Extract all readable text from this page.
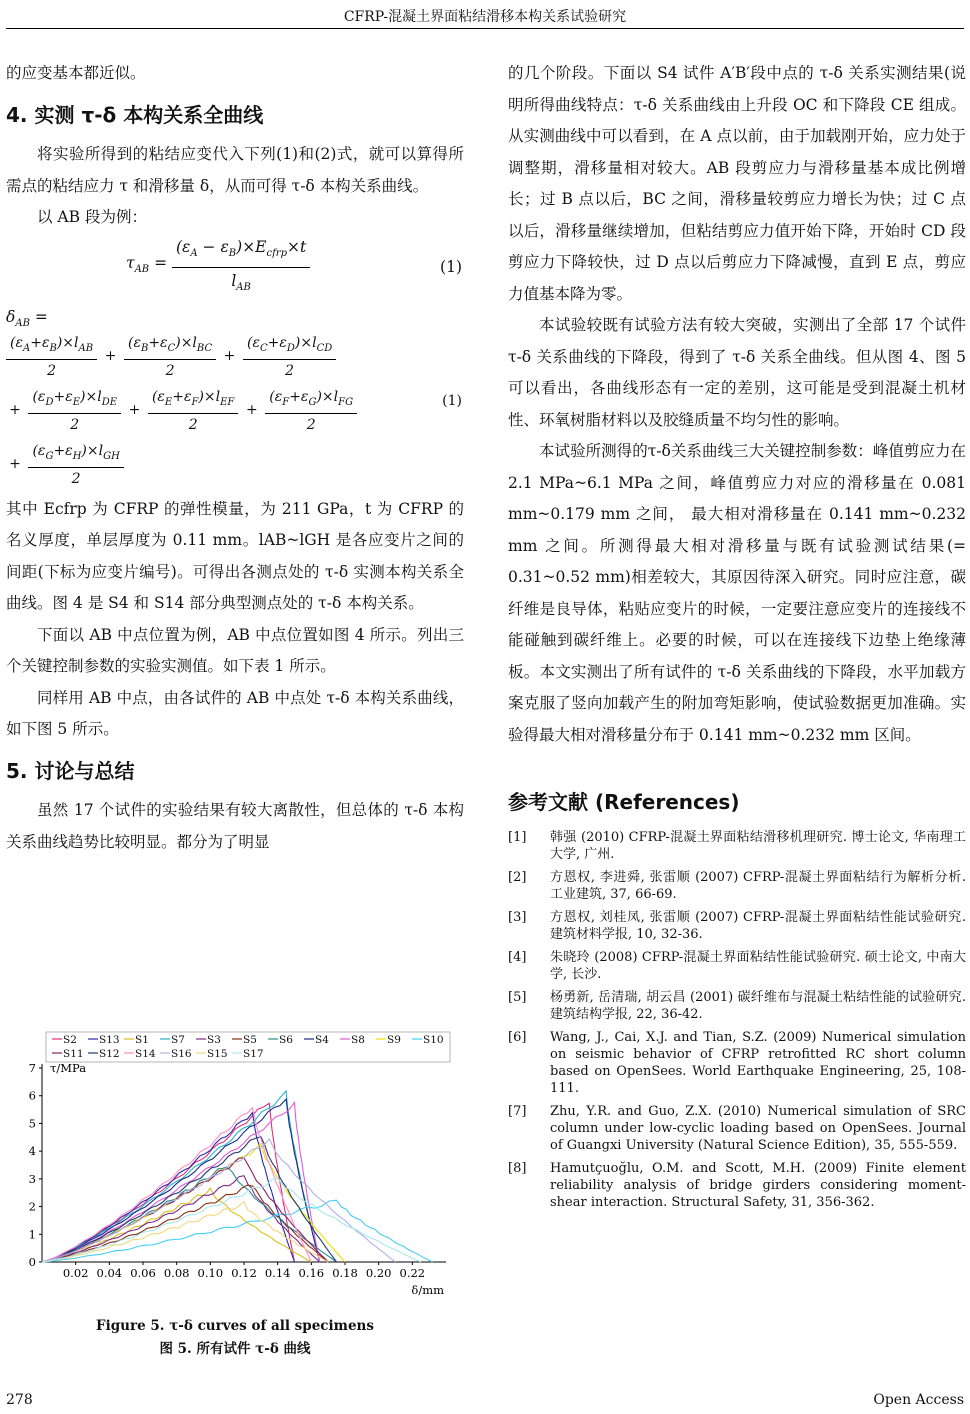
CFRP-混凝土界面粘结滑移本构关系试验研究

的应变基本都近似。

4. 实测 τ-δ 本构关系全曲线

将实验所得到的粘结应变代入下列(1)和(2)式，就可以算得所需点的粘结应力 τ 和滑移量 δ，从而可得 τ-δ 本构关系曲线。

以 AB 段为例：

$\tau_{AB} = \frac{(\varepsilon_A - \varepsilon_B)\times E_{cfrp}\times t}{l_{AB}}$	(1)
$\delta_{AB}$ =
$\frac{(\varepsilon_A+\varepsilon_B)\times l_{AB}}{2} + \frac{(\varepsilon_B+\varepsilon_C)\times l_{BC}}{2} + \frac{(\varepsilon_C+\varepsilon_D)\times l_{CD}}{2}$
+ $\frac{(\varepsilon_D+\varepsilon_E)\times l_{DE}}{2} + \frac{(\varepsilon_E+\varepsilon_F)\times l_{EF}}{2} + \frac{(\varepsilon_F+\varepsilon_G)\times l_{FG}}{2}$	(1)
+ $\frac{(\varepsilon_G+\varepsilon_H)\times l_{GH}}{2}$

其中 Ecfrp 为 CFRP 的弹性模量，为 211 GPa，t 为 CFRP 的名义厚度，单层厚度为 0.11 mm。lAB~lGH 是各应变片之间的间距(下标为应变片编号)。可得出各测点处的 τ-δ 实测本构关系全曲线。图 4 是 S4 和 S14 部分典型测点处的 τ-δ 本构关系。

下面以 AB 中点位置为例，AB 中点位置如图 4 所示。列出三个关键控制参数的实验实测值。如下表 1 所示。

同样用 AB 中点，由各试件的 AB 中点处 τ-δ 本构关系曲线，如下图 5 所示。

5. 讨论与总结

虽然 17 个试件的实验结果有较大离散性，但总体的 τ-δ 本构关系曲线趋势比较明显。都分为了明显

S2 S13 S1 S7 S3 S5 S6 S4 S8 S9 S10
S11 S12 S14 S16 S15 S17
0
1
2
3
4
5
6
7
0.02 0.04 0.06 0.08 0.10 0.12 0.14 0.16 0.18 0.20 0.22
τ/MPa
δ/mm
Figure 5. τ-δ curves of all specimens
图 5. 所有试件 τ-δ 曲线

的几个阶段。下面以 S4 试件 A′B′段中点的 τ-δ 关系实测结果(说明所得曲线特点：τ-δ 关系曲线由上升段 OC 和下降段 CE 组成。从实测曲线中可以看到，在 A 点以前，由于加载刚开始，应力处于调整期，滑移量相对较大。AB 段剪应力与滑移量基本成比例增长；过 B 点以后，BC 之间，滑移量较剪应力增长为快；过 C 点以后，滑移量继续增加，但粘结剪应力值开始下降，开始时 CD 段剪应力下降较快，过 D 点以后剪应力下降减慢，直到 E 点，剪应力值基本降为零。

本试验较既有试验方法有较大突破，实测出了全部 17 个试件 τ-δ 关系曲线的下降段，得到了 τ-δ 关系全曲线。但从图 4、图 5 可以看出，各曲线形态有一定的差别，这可能是受到混凝土机材性、环氧树脂材料以及胶缝质量不均匀性的影响。

本试验所测得的τ-δ关系曲线三大关键控制参数：峰值剪应力在 2.1 MPa~6.1 MPa 之间，峰值剪应力对应的滑移量在 0.081 mm~0.179 mm 之间， 最大相对滑移量在 0.141 mm~0.232 mm 之间。所测得最大相对滑移量与既有试验测试结果(= 0.31~0.52 mm)相差较大，其原因待深入研究。同时应注意，碳纤维是良导体，粘贴应变片的时候，一定要注意应变片的连接线不能碰触到碳纤维上。必要的时候，可以在连接线下边垫上绝缘薄板。本文实测出了所有试件的 τ-δ 关系曲线的下降段，水平加载方案克服了竖向加载产生的附加弯矩影响，使试验数据更加准确。实验得最大相对滑移量分布于 0.141 mm~0.232 mm 区间。

参考文献 (References)
[1]	韩强 (2010) CFRP-混凝土界面粘结滑移机理研究. 博士论文, 华南理工大学, 广州.
[2]	方恩权, 李进舜, 张雷顺 (2007) CFRP-混凝土界面粘结行为解析分析. 工业建筑, 37, 66-69.
[3]	方恩权, 刘桂凤, 张雷顺 (2007) CFRP-混凝土界面粘结性能试验研究. 建筑材料学报, 10, 32-36.
[4]	朱晓玲 (2008) CFRP-混凝土界面粘结性能试验研究. 硕士论文, 中南大学, 长沙.
[5]	杨勇新, 岳清瑞, 胡云昌 (2001) 碳纤维布与混凝土粘结性能的试验研究. 建筑结构学报, 22, 36-42.
[6]	Wang, J., Cai, X.J. and Tian, S.Z. (2009) Numerical simulation on seismic behavior of CFRP retrofitted RC short column based on OpenSees. World Earthquake Engineering, 25, 108-111.
[7]	Zhu, Y.R. and Guo, Z.X. (2010) Numerical simulation of SRC column under low-cyclic loading based on OpenSees. Journal of Guangxi University (Natural Science Edition), 35, 555-559.
[8]	Hamutçuoğlu, O.M. and Scott, M.H. (2009) Finite element reliability analysis of bridge girders considering moment-shear interaction. Structural Safety, 31, 356-362.
278	Open Access
